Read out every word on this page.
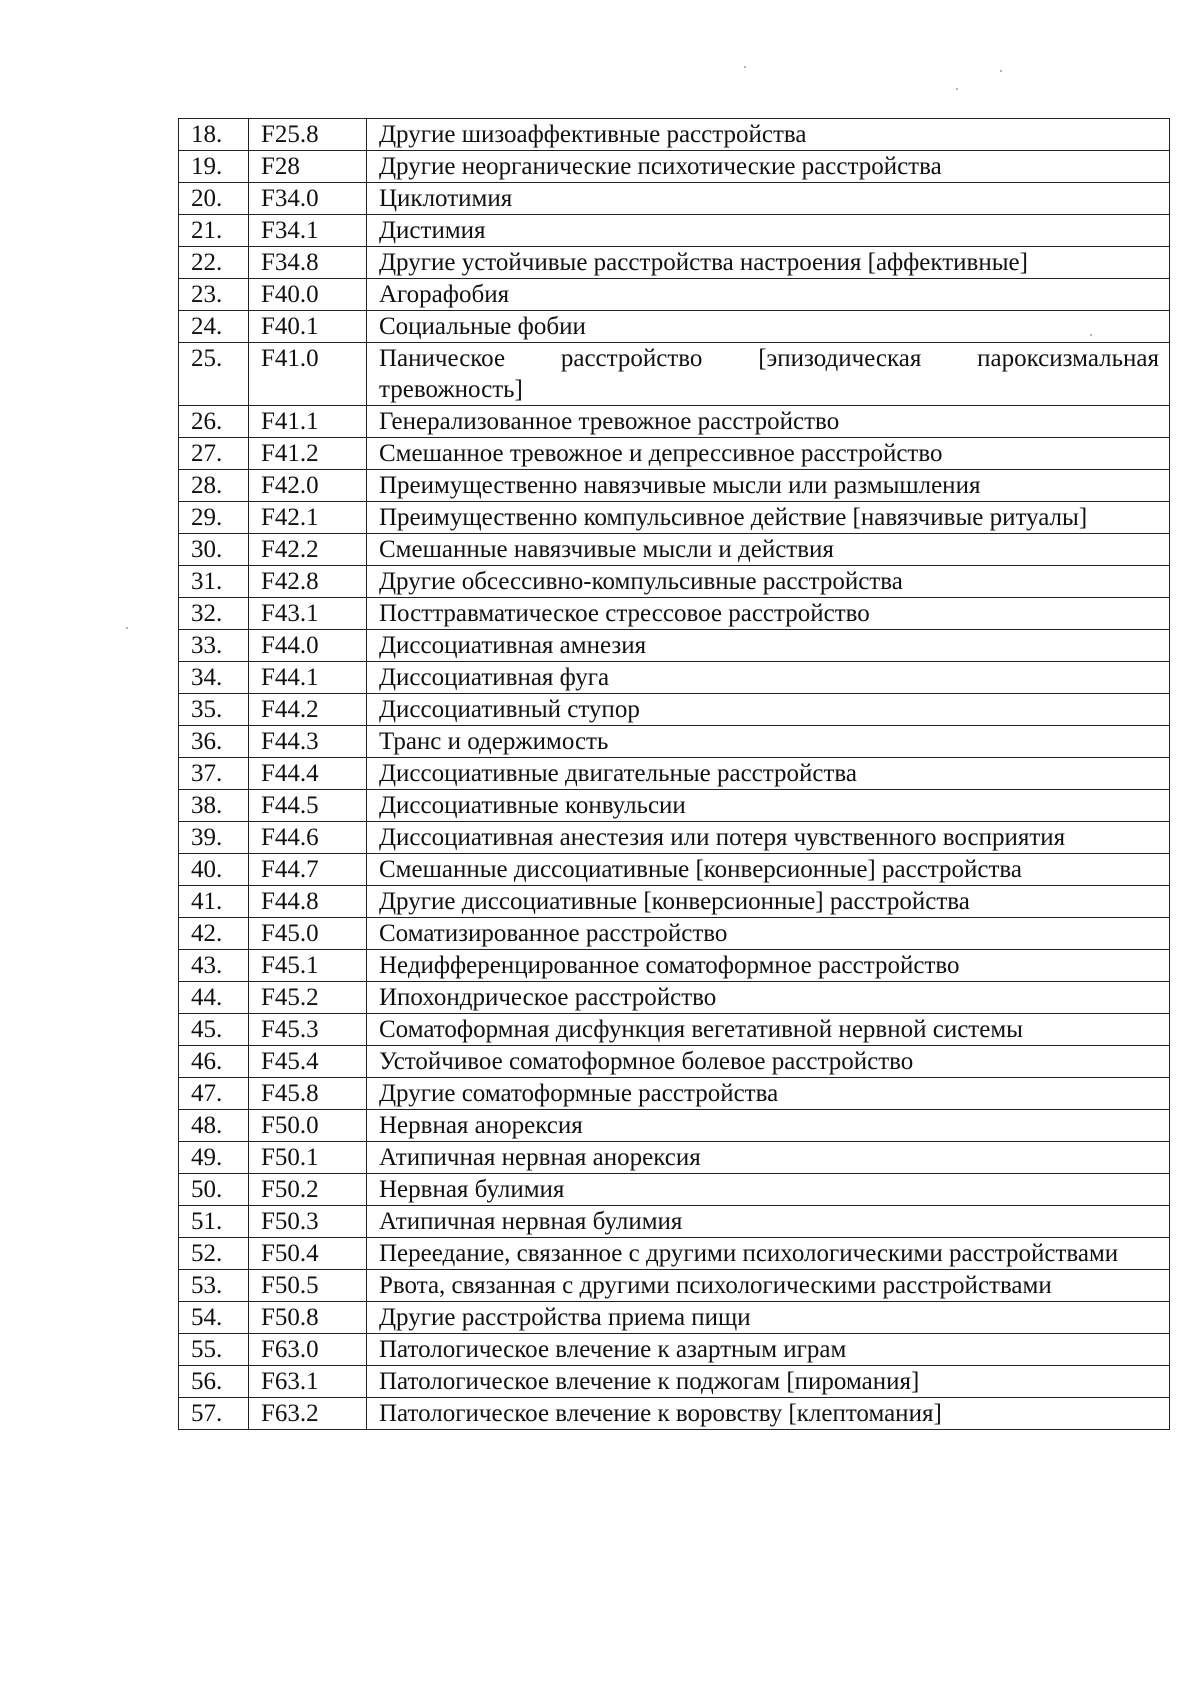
18.	F25.8	Другие шизоаффективные расстройства
19.	F28	Другие неорганические психотические расстройства
20.	F34.0	Циклотимия
21.	F34.1	Дистимия
22.	F34.8	Другие устойчивые расстройства настроения [аффективные]
23.	F40.0	Агорафобия
24.	F40.1	Социальные фобии
25.	F41.0	Паническое расстройство [эпизодическая пароксизмальная тревожность]
26.	F41.1	Генерализованное тревожное расстройство
27.	F41.2	Смешанное тревожное и депрессивное расстройство
28.	F42.0	Преимущественно навязчивые мысли или размышления
29.	F42.1	Преимущественно компульсивное действие [навязчивые ритуалы]
30.	F42.2	Смешанные навязчивые мысли и действия
31.	F42.8	Другие обсессивно-компульсивные расстройства
32.	F43.1	Посттравматическое стрессовое расстройство
33.	F44.0	Диссоциативная амнезия
34.	F44.1	Диссоциативная фуга
35.	F44.2	Диссоциативный ступор
36.	F44.3	Транс и одержимость
37.	F44.4	Диссоциативные двигательные расстройства
38.	F44.5	Диссоциативные конвульсии
39.	F44.6	Диссоциативная анестезия или потеря чувственного восприятия
40.	F44.7	Смешанные диссоциативные [конверсионные] расстройства
41.	F44.8	Другие диссоциативные [конверсионные] расстройства
42.	F45.0	Соматизированное расстройство
43.	F45.1	Недифференцированное соматоформное расстройство
44.	F45.2	Ипохондрическое расстройство
45.	F45.3	Соматоформная дисфункция вегетативной нервной системы
46.	F45.4	Устойчивое соматоформное болевое расстройство
47.	F45.8	Другие соматоформные расстройства
48.	F50.0	Нервная анорексия
49.	F50.1	Атипичная нервная анорексия
50.	F50.2	Нервная булимия
51.	F50.3	Атипичная нервная булимия
52.	F50.4	Переедание, связанное с другими психологическими расстройствами
53.	F50.5	Рвота, связанная с другими психологическими расстройствами
54.	F50.8	Другие расстройства приема пищи
55.	F63.0	Патологическое влечение к азартным играм
56.	F63.1	Патологическое влечение к поджогам [пиромания]
57.	F63.2	Патологическое влечение к воровству [клептомания]
